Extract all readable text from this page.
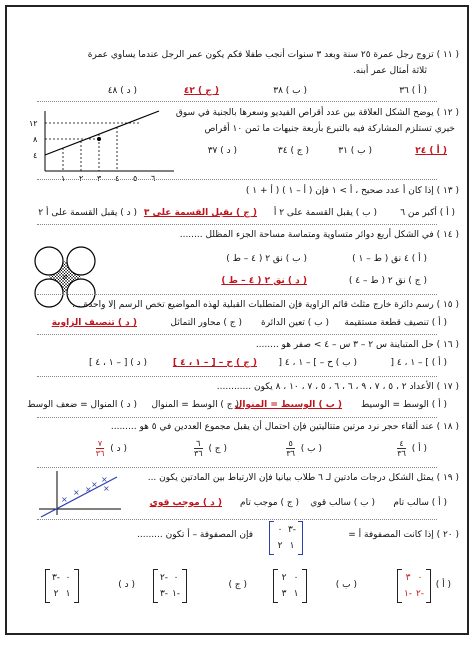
( ١١ ) تزوج رجل عمرة ٢٥ سنة وبعد ٣ سنوات أنجب طفلا فكم يكون عمر الرجل عندما يساوي عمرة
ثلاثة أمثال عمر أبنه.
( أ ) ٣٦
( ب ) ٣٨
( ج ) ٤٢
( د ) ٤٨
( ١٢ ) يوضح الشكل العلاقة بين عدد أقراص الفيديو وسعرها بالجنية في سوق
خيري تستلزم المشاركة فيه بالتبرع بأربعة جنيهات ما ثمن ١٠ أقراص
( أ ) ٢٤
( ب ) ٣١
( ج ) ٣٤
( د ) ٣٧
١٢
٨
٤
١ ٢ ٣ ٤ ٥ ٦
( ١٣ ) إذا كان أ عدد صحيح ، أ > ١ فإن ( أ – ١ ) ( أ + ١ )
( أ ) أكبر من ٦
( ب ) يقبل القسمة على ٢ أ
( ج ) يقبل القسمة على ٣
( د ) يقبل القسمة على أ ٢
( ١٤ ) في الشكل أربع دوائر متساوية ومتماسة مساحة الجزء المظلل ........
( أ ) ٤ نق ( ط – ١ )
( ب ) نق ٢ ( ٤ – ط )
( ج ) نق ٢ ( ط – ٤ )
( د ) نق ٢ ( ٤ – ط )
( ١٥ ) رسم دائرة خارج مثلث قائم الزاوية فإن المتطلبات القبلية لهذه المواضيع تخص الرسم إلا واحدة ...
( أ ) تنصيف قطعة مستقيمة
( ب ) تعين الدائرة
( ج ) محاور التماثل
( د ) تنصيف الزاوية
( ١٦ ) حل المتباينة س ٢ – ٣ س – ٤ > صفر هو ........
( أ ) ] – ١ ، ٤ [
( ب ) ح – ] – ١ ، ٤ [
( ج ) ح – [ – ١ ، ٤ ]
( د ) [ – ١ ، ٤ ]
( ١٧ ) الأعداد ٢ ، ٥ ، ٧ ، ٩ ، ٦ ، ٦ ، ٥ ، ٧ ، ١٠ ، ٨ يكون ............
( أ ) الوسط = الوسيط
( ب ) الوسيط = المنوال
( ج ) الوسط = المنوال
( د ) المنوال = ضعف الوسط
( ١٨ ) عند ألقاء حجر نرد مرتين متتاليتين فإن احتمال أن يقبل مجموع العددين في ٥ هو .........
( أ )
$\frac{٤}{٣٦}$
( ب )
$\frac{٥}{٣٦}$
( ج )
$\frac{٦}{٣٦}$
( د )
$\frac{٧}{٣٦}$
( ١٩ ) يمثل الشكل درجات مادتين لـ ٦ طلاب بيانيا فإن الارتباط بين المادتين يكون ...
( أ ) سالب تام
( ب ) سالب قوي
( ج ) موجب تام
( د ) موجب قوي
×
× ×
×
×
×
( ٢٠ ) إذا كانت المصفوفة أ =
٠ ٣-
٢ ١
فإن المصفوفة – أ تكون .........
( أ )
٣ ٠
١- ٢-
( ب )
٢ ٠
٣ ١
( ج )
٢- ٠
٣- ١-
( د )
٣- ٠
٢ ١
